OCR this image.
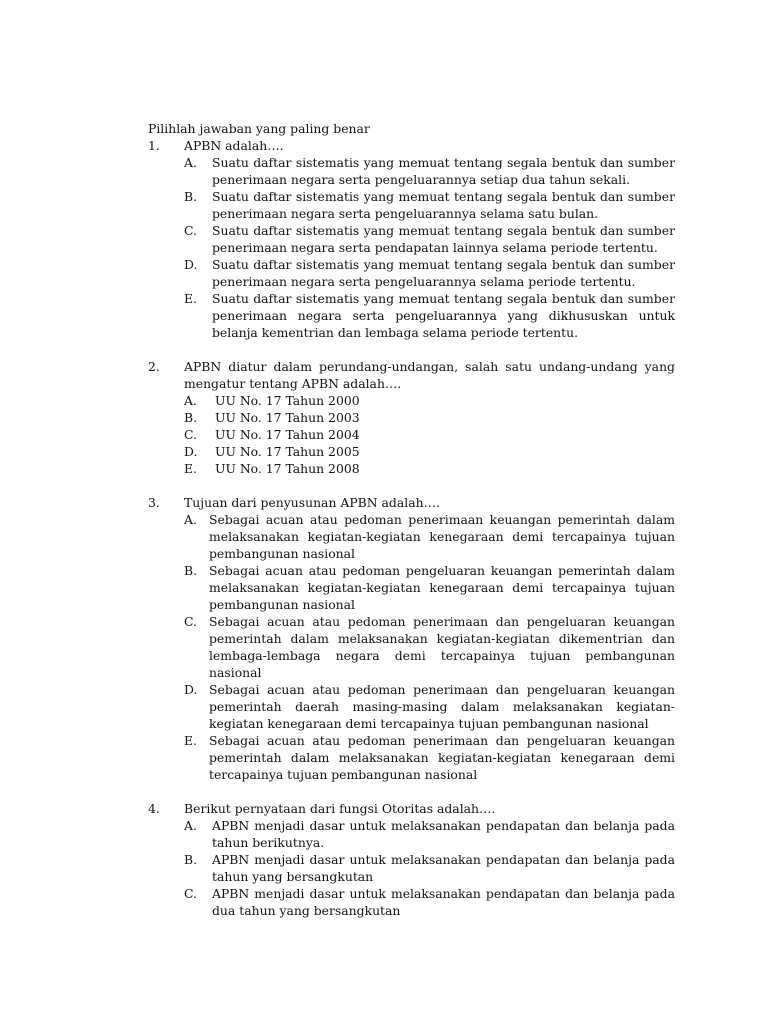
Pilihlah jawaban yang paling benar

1.	APBN adalah….
A.	Suatu daftar sistematis yang memuat tentang segala bentuk dan sumber penerimaan negara serta pengeluarannya setiap dua tahun sekali.
B.	Suatu daftar sistematis yang memuat tentang segala bentuk dan sumber penerimaan negara serta pengeluarannya selama satu bulan.
C.	Suatu daftar sistematis yang memuat tentang segala bentuk dan sumber penerimaan negara serta pendapatan lainnya selama periode tertentu.
D.	Suatu daftar sistematis yang memuat tentang segala bentuk dan sumber penerimaan negara serta pengeluarannya selama periode tertentu.
E.	Suatu daftar sistematis yang memuat tentang segala bentuk dan sumber penerimaan negara serta pengeluarannya yang dikhususkan untuk belanja kementrian dan lembaga selama periode tertentu.
2.	APBN diatur dalam perundang-undangan, salah satu undang-undang yang mengatur tentang APBN adalah….
A.	UU No. 17 Tahun 2000
B.	UU No. 17 Tahun 2003
C.	UU No. 17 Tahun 2004
D.	UU No. 17 Tahun 2005
E.	UU No. 17 Tahun 2008
3.	Tujuan dari penyusunan APBN adalah….
A. Sebagai acuan atau pedoman penerimaan keuangan pemerintah dalam melaksanakan kegiatan-kegiatan kenegaraan demi tercapainya tujuan pembangunan nasional
B. Sebagai acuan atau pedoman pengeluaran keuangan pemerintah dalam melaksanakan kegiatan-kegiatan kenegaraan demi tercapainya tujuan pembangunan nasional
C. Sebagai acuan atau pedoman penerimaan dan pengeluaran keuangan pemerintah dalam melaksanakan kegiatan-kegiatan dikementrian dan lembaga-lembaga negara demi tercapainya tujuan pembangunan nasional
D. Sebagai acuan atau pedoman penerimaan dan pengeluaran keuangan pemerintah daerah masing-masing dalam melaksanakan kegiatan-kegiatan kenegaraan demi tercapainya tujuan pembangunan nasional
E. Sebagai acuan atau pedoman penerimaan dan pengeluaran keuangan pemerintah dalam melaksanakan kegiatan-kegiatan kenegaraan demi tercapainya tujuan pembangunan nasional
4.	Berikut pernyataan dari fungsi Otoritas adalah….
A.	APBN menjadi dasar untuk melaksanakan pendapatan dan belanja pada tahun berikutnya.
B.	APBN menjadi dasar untuk melaksanakan pendapatan dan belanja pada tahun yang bersangkutan
C.	APBN menjadi dasar untuk melaksanakan pendapatan dan belanja pada dua tahun yang bersangkutan
